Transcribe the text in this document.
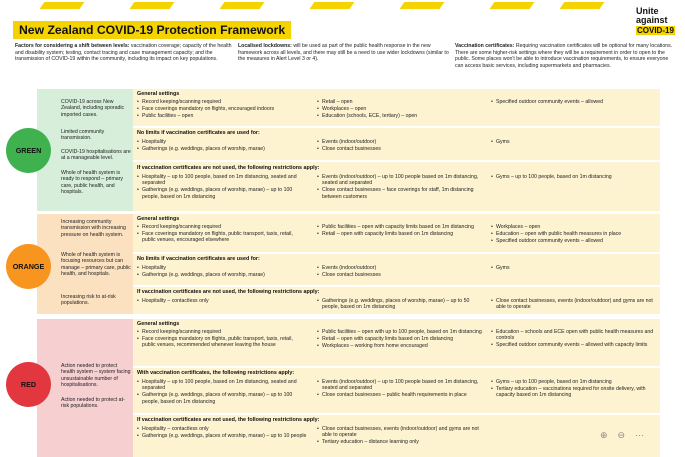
Unite
against
COVID-19
New Zealand COVID-19 Protection Framework
Factors for considering a shift between levels: vaccination coverage; capacity of the health and disability system; testing, contact tracing and case management capacity; and the transmission of COVID-19 within the community, including its impact on key populations.
Localised lockdowns: will be used as part of the public health response in the new framework across all levels, and there may still be a need to use wider lockdowns (similar to the measures in Alert Level 3 or 4).
Vaccination certificates: Requiring vaccination certificates will be optional for many locations. There are some higher-risk settings where they will be a requirement in order to open to the public. Some places won't be able to introduce vaccination requirements, to ensure everyone can access basic services, including supermarkets and pharmacies.
COVID-19 across New Zealand, including sporadic imported cases.
Limited community transmission.
COVID-19 hospitalisations are at a manageable level.
Whole of health system is ready to respond – primary care, public health, and hospitals.
General settings
• Record keeping/scanning required
• Face coverings mandatory on flights, encouraged indoors
• Public facilities – open
• Retail – open
• Workplaces – open
• Education (schools, ECE, tertiary) – open
• Specified outdoor community events – allowed
No limits if vaccination certificates are used for:
• Hospitality
• Gatherings (e.g. weddings, places of worship, marae)
• Events (indoor/outdoor)
• Close contact businesses
• Gyms
If vaccination certificates are not used, the following restrictions apply:
• Hospitality – up to 100 people, based on 1m distancing, seated and separated
• Gatherings (e.g. weddings, places of worship, marae) – up to 100 people, based on 1m distancing
• Events (indoor/outdoor) – up to 100 people based on 1m distancing, seated and separated
• Close contact businesses – face coverings for staff, 1m distancing between customers
• Gyms – up to 100 people, based on 1m distancing
Increasing community transmission with increasing pressure on health system.
Whole of health system is focusing resources but can manage – primary care, public health, and hospitals.
Increasing risk to at-risk populations.
General settings
• Record keeping/scanning required
• Face coverings mandatory on flights, public transport, taxis, retail, public venues, encouraged elsewhere
• Public facilities – open with capacity limits based on 1m distancing
• Retail – open with capacity limits based on 1m distancing
• Workplaces – open
• Education – open with public health measures in place
• Specified outdoor community events – allowed
No limits if vaccination certificates are used for:
• Hospitality
• Gatherings (e.g. weddings, places of worship, marae)
• Events (indoor/outdoor)
• Close contact businesses
• Gyms
If vaccination certificates are not used, the following restrictions apply:
• Hospitality – contactless only
•	Gatherings (e.g. weddings, places of worship, marae) – up to 50 people, based on 1m distancing
• Close contact businesses, events (indoor/outdoor) and gyms are not able to operate
Action needed to protect health system – system facing unsustainable number of hospitalisations.
Action needed to protect at-risk populations.
General settings
• Record keeping/scanning required
• Face coverings mandatory on flights, public transport, taxis, retail, public venues, recommended whenever leaving the house
• Public facilities – open with up to 100 people, based on 1m distancing
• Retail – open with capacity limits based on 1m distancing
• Workplaces – working from home encouraged
• Education – schools and ECE open with public health measures and controls
• Specified outdoor community events – allowed with capacity limits
With vaccination certificates, the following restrictions apply:
• Hospitality – up to 100 people, based on 1m distancing, seated and separated
• Gatherings (e.g. weddings, places of worship, marae) – up to 100 people, based on 1m distancing
• Events (indoor/outdoor) – up to 100 people based on 1m distancing, seated and separated
• Close contact businesses – public health requirements in place
• Gyms – up to 100 people, based on 1m distancing
• Tertiary education – vaccinations required for onsite delivery, with capacity based on 1m distancing
If vaccination certificates are not used, the following restrictions apply:
• Hospitality – contactless only
• Gatherings (e.g. weddings, places of worship, marae) – up to 10 people
• Close contact businesses, events (indoor/outdoor) and gyms are not able to operate
• Tertiary education – distance learning only
GREEN
ORANGE
RED
⊕ ⊖ ⋯
